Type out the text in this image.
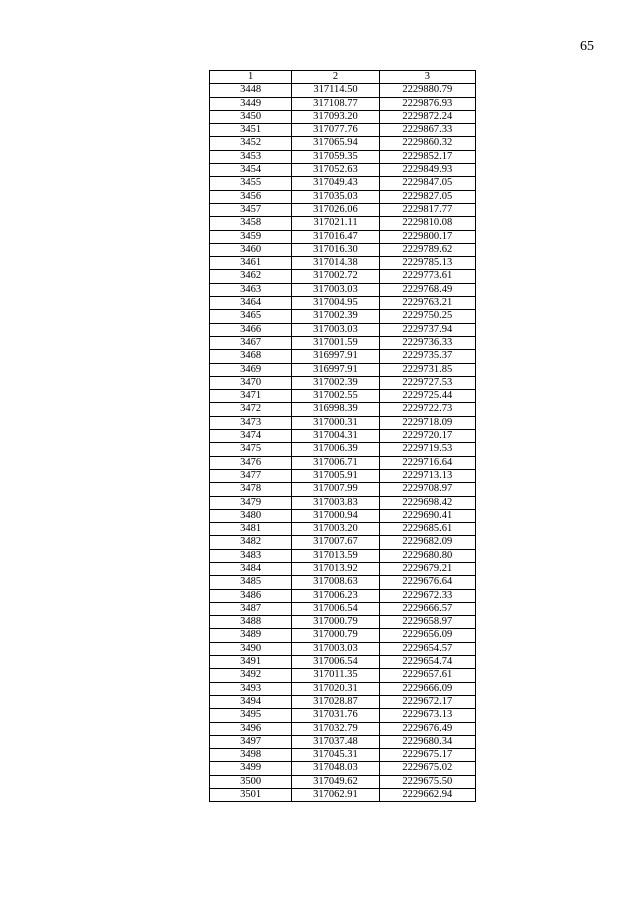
65
1	2	3
3448	317114.50	2229880.79
3449	317108.77	2229876.93
3450	317093.20	2229872.24
3451	317077.76	2229867.33
3452	317065.94	2229860.32
3453	317059.35	2229852.17
3454	317052.63	2229849.93
3455	317049.43	2229847.05
3456	317035.03	2229827.05
3457	317026.06	2229817.77
3458	317021.11	2229810.08
3459	317016.47	2229800.17
3460	317016.30	2229789.62
3461	317014.38	2229785.13
3462	317002.72	2229773.61
3463	317003.03	2229768.49
3464	317004.95	2229763.21
3465	317002.39	2229750.25
3466	317003.03	2229737.94
3467	317001.59	2229736.33
3468	316997.91	2229735.37
3469	316997.91	2229731.85
3470	317002.39	2229727.53
3471	317002.55	2229725.44
3472	316998.39	2229722.73
3473	317000.31	2229718.09
3474	317004.31	2229720.17
3475	317006.39	2229719.53
3476	317006.71	2229716.64
3477	317005.91	2229713.13
3478	317007.99	2229708.97
3479	317003.83	2229698.42
3480	317000.94	2229690.41
3481	317003.20	2229685.61
3482	317007.67	2229682.09
3483	317013.59	2229680.80
3484	317013.92	2229679.21
3485	317008.63	2229676.64
3486	317006.23	2229672.33
3487	317006.54	2229666.57
3488	317000.79	2229658.97
3489	317000.79	2229656.09
3490	317003.03	2229654.57
3491	317006.54	2229654.74
3492	317011.35	2229657.61
3493	317020.31	2229666.09
3494	317028.87	2229672.17
3495	317031.76	2229673.13
3496	317032.79	2229676.49
3497	317037.48	2229680.34
3498	317045.31	2229675.17
3499	317048.03	2229675.02
3500	317049.62	2229675.50
3501	317062.91	2229662.94
